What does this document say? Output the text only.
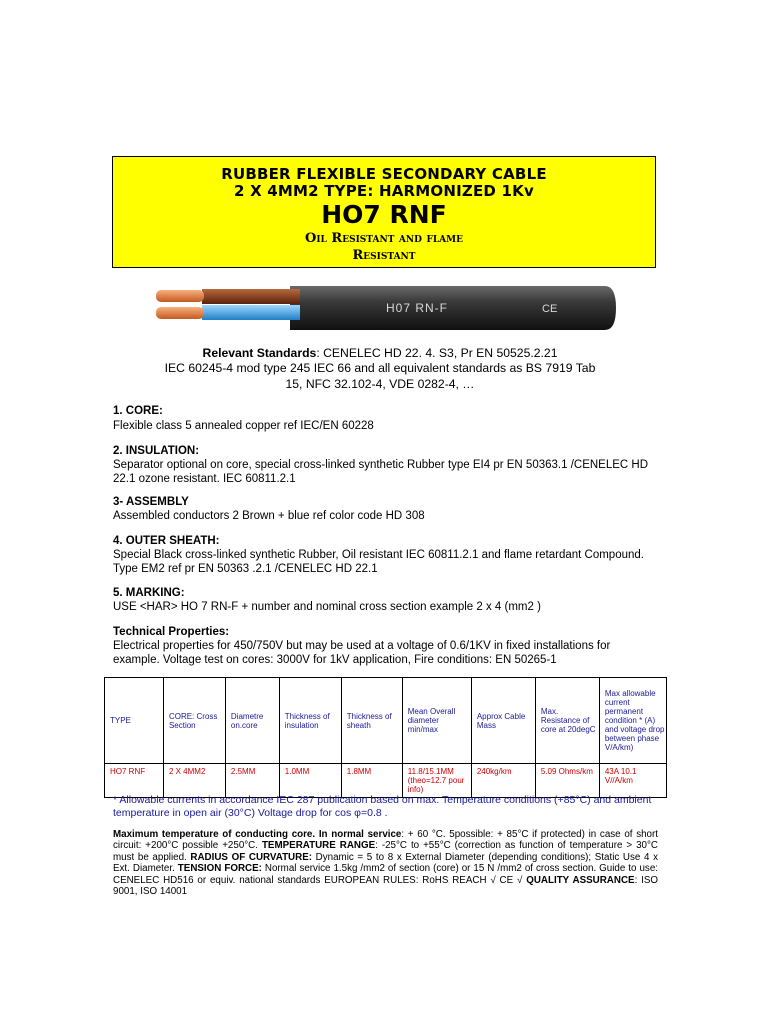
RUBBER FLEXIBLE SECONDARY CABLE
2 X 4MM2 TYPE: HARMONIZED 1Kv
HO7 RNF
Oil Resistant and flame
Resistant
H07 RN-F	CE
Relevant Standards: CENELEC HD 22. 4. S3, Pr EN 50525.2.21
IEC 60245-4 mod type 245 IEC 66 and all equivalent standards as BS 7919 Tab
15, NFC 32.102-4, VDE 0282-4, …
1. CORE:
Flexible class 5 annealed copper ref IEC/EN 60228
2. INSULATION:
Separator optional on core, special cross-linked synthetic Rubber type EI4 pr EN 50363.1 /CENELEC HD 22.1 ozone resistant. IEC 60811.2.1
3- ASSEMBLY
Assembled conductors 2 Brown + blue ref color code HD 308
4. OUTER SHEATH:
Special Black cross-linked synthetic Rubber, Oil resistant IEC 60811.2.1 and flame retardant Compound. Type EM2 ref pr EN 50363 .2.1 /CENELEC HD 22.1
5. MARKING:
USE <HAR> HO 7 RN-F + number and nominal cross section example 2 x 4 (mm2 )
Technical Properties:
Electrical properties for 450/750V but may be used at a voltage of 0.6/1KV in fixed installations for example. Voltage test on cores: 3000V for 1kV application, Fire conditions: EN 50265-1
TYPE	CORE: Cross Section	Diametre on.core	Thickness of insulation	Thickness of sheath	Mean Overall diameter min/max	Approx Cable Mass	Max. Resistance of core at 20degC	Max allowable current permanent condition * (A) and voltage drop between phase V/A/km)
HO7 RNF	2 X 4MM2	2.5MM	1.0MM	1.8MM	11.8/15.1MM (theo=12.7 pour info)	240kg/km	5.09 Ohms/km	43A 10.1 V//A/km
* Allowable currents in accordance IEC 287 publication based on max. Temperature conditions (+85°C) and ambient temperature in open air (30°C) Voltage drop for cos φ=0.8 .
Maximum temperature of conducting core. In normal service: + 60 °C. 5possible: + 85°C if protected) in case of short circuit: +200°C possible +250°C. TEMPERATURE RANGE: -25°C to +55°C (correction as function of temperature > 30°C must be applied. RADIUS OF CURVATURE: Dynamic = 5 to 8 x External Diameter (depending conditions); Static Use 4 x Ext. Diameter. TENSION FORCE: Normal service 1.5kg /mm2 of section (core) or 15 N /mm2 of cross section. Guide to use: CENELEC HD516 or equiv. national standards EUROPEAN RULES: RoHS REACH √ CE √ QUALITY ASSURANCE: ISO 9001, ISO 14001
